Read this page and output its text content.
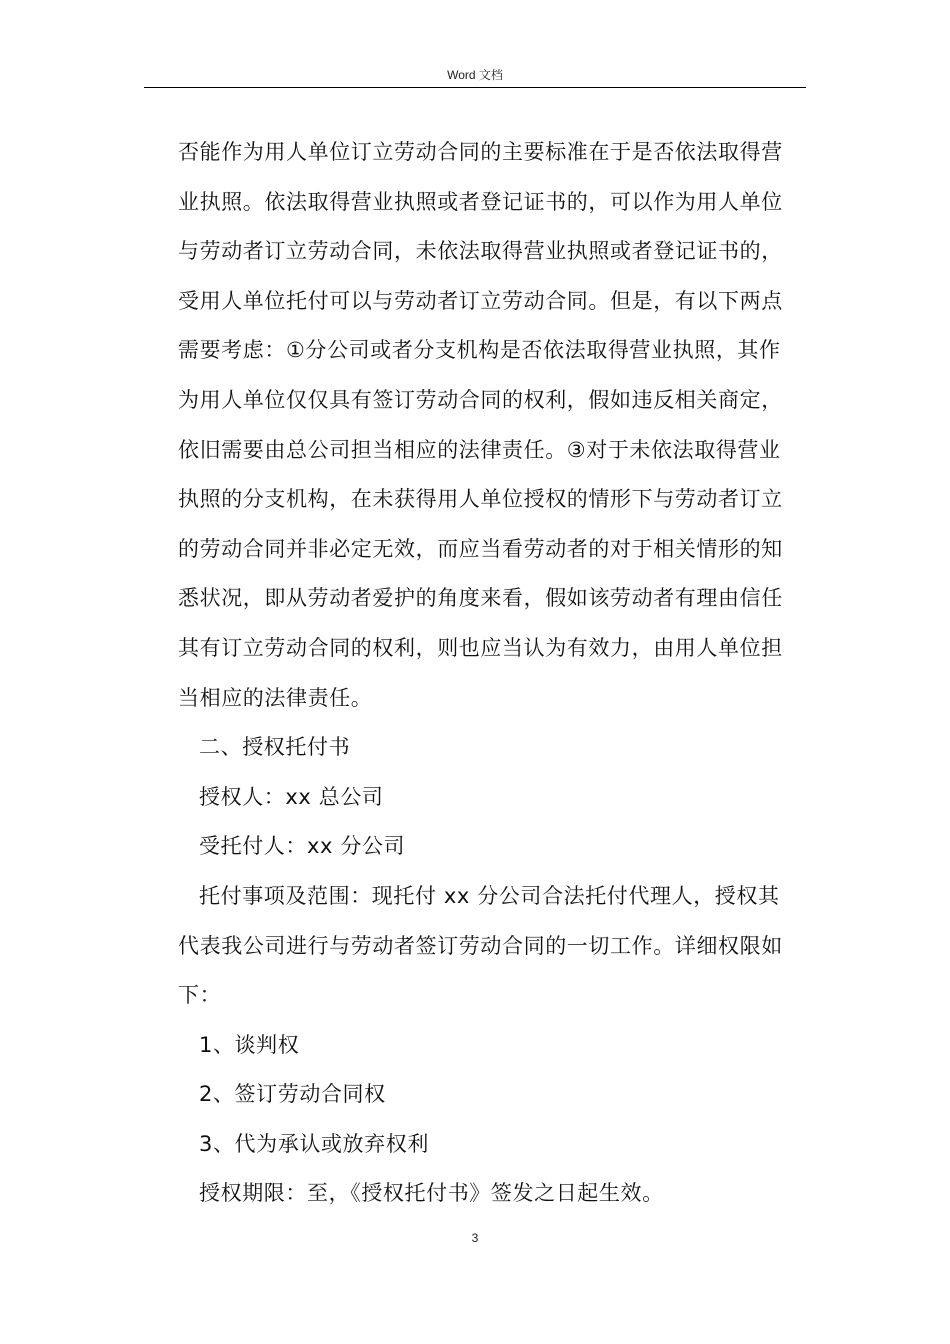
Word 文档
否能作为用人单位订立劳动合同的主要标准在于是否依法取得营
业执照。依法取得营业执照或者登记证书的，可以作为用人单位
与劳动者订立劳动合同，未依法取得营业执照或者登记证书的，
受用人单位托付可以与劳动者订立劳动合同。但是，有以下两点
需要考虑：①分公司或者分支机构是否依法取得营业执照，其作
为用人单位仅仅具有签订劳动合同的权利，假如违反相关商定，
依旧需要由总公司担当相应的法律责任。③对于未依法取得营业
执照的分支机构，在未获得用人单位授权的情形下与劳动者订立
的劳动合同并非必定无效，而应当看劳动者的对于相关情形的知
悉状况，即从劳动者爱护的角度来看，假如该劳动者有理由信任
其有订立劳动合同的权利，则也应当认为有效力，由用人单位担
当相应的法律责任。
二、授权托付书
授权人：xx 总公司
受托付人：xx 分公司
托付事项及范围：现托付 xx 分公司合法托付代理人，授权其
代表我公司进行与劳动者签订劳动合同的一切工作。详细权限如
下：
1、谈判权
2、签订劳动合同权
3、代为承认或放弃权利
授权期限：至，《授权托付书》签发之日起生效。
3
